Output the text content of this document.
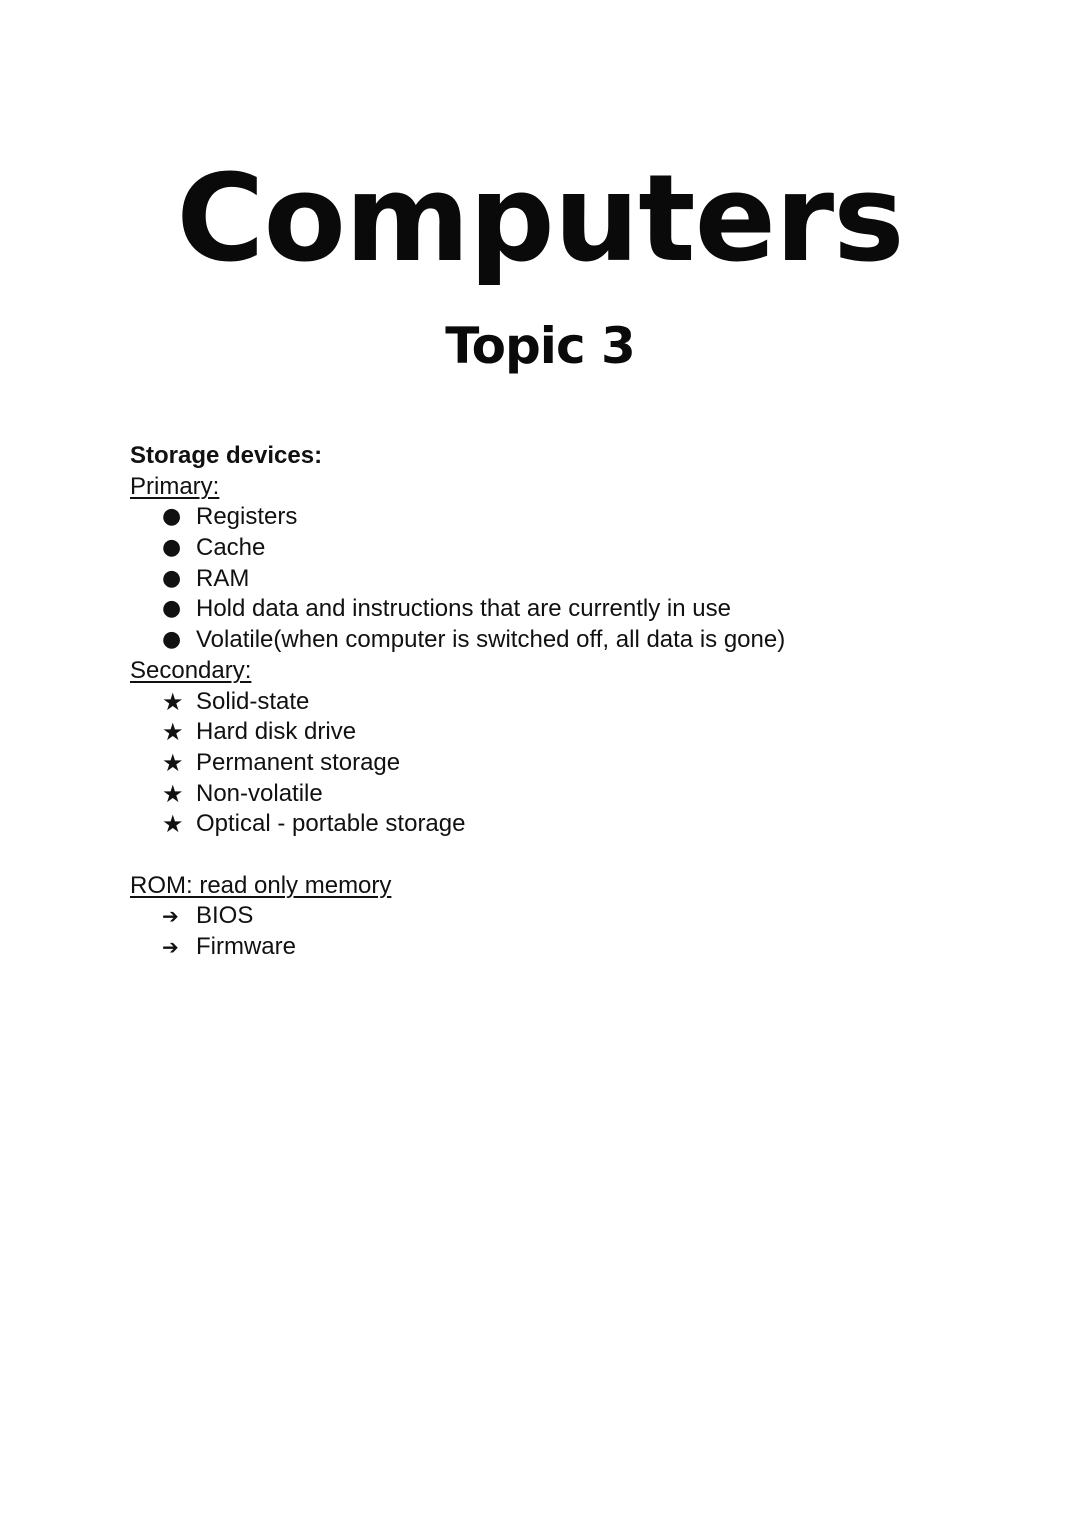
Computers
Topic 3
Storage devices:
Primary:
● Registers
● Cache
● RAM
● Hold data and instructions that are currently in use
● Volatile(when computer is switched off, all data is gone)
Secondary:
★ Solid-state
★ Hard disk drive
★ Permanent storage
★ Non-volatile
★ Optical - portable storage
ROM: read only memory
➔ BIOS
➔ Firmware
